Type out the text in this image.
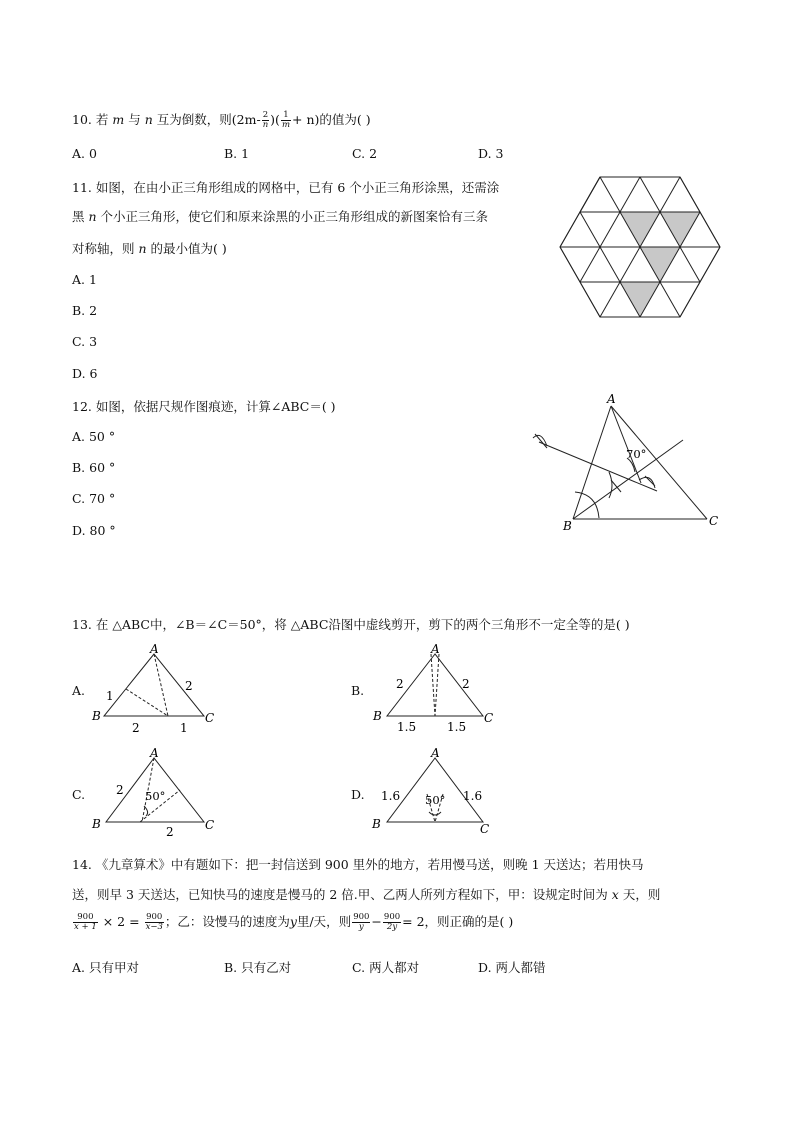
10. 若 m 与 n 互为倒数，则($2m- \frac{2}{n}$ )( $\frac{1}{m} + n$)的值为( )
A. 0	B. 1	C. 2	D. 3
11. 如图，在由小正三角形组成的网格中，已有 6 个小正三角形涂黑，还需涂
黑 n 个小正三角形，使它们和原来涂黑的小正三角形组成的新图案恰有三条
对称轴，则 n 的最小值为( )
A. 1
B. 2
C. 3
D. 6
12. 如图，依据尺规作图痕迹，计算∠ABC＝( )
A. 50 °
B. 60 °
C. 70 °
D. 80 °
A
B	C
70°
13. 在 △ABC中，∠B＝∠C＝50°，将 △ABC沿图中虚线剪开，剪下的两个三角形不一定全等的是( )
A.
A
B	C
1
2
2	1
B.
A
B	C
2	2
1.5	1.5
C.
A
B	C
2
2
50°	D.
A
B	C
1.6	1.6
50°
14. 《九章算术》中有题如下：把一封信送到 900 里外的地方，若用慢马送，则晚 1 天送达；若用快马
送，则早 3 天送达，已知快马的速度是慢马的 2 倍.甲、乙两人所列方程如下，甲：设规定时间为 x 天，则
$\frac{900}{x + 1} \times 2 = \frac{900}{x-3}$ ；乙：设慢马的速度为y里/天，则 $\frac{900}{y} - \frac{900}{2y} = 2$，则正确的是( )
A. 只有甲对	B. 只有乙对	C. 两人都对	D. 两人都错
